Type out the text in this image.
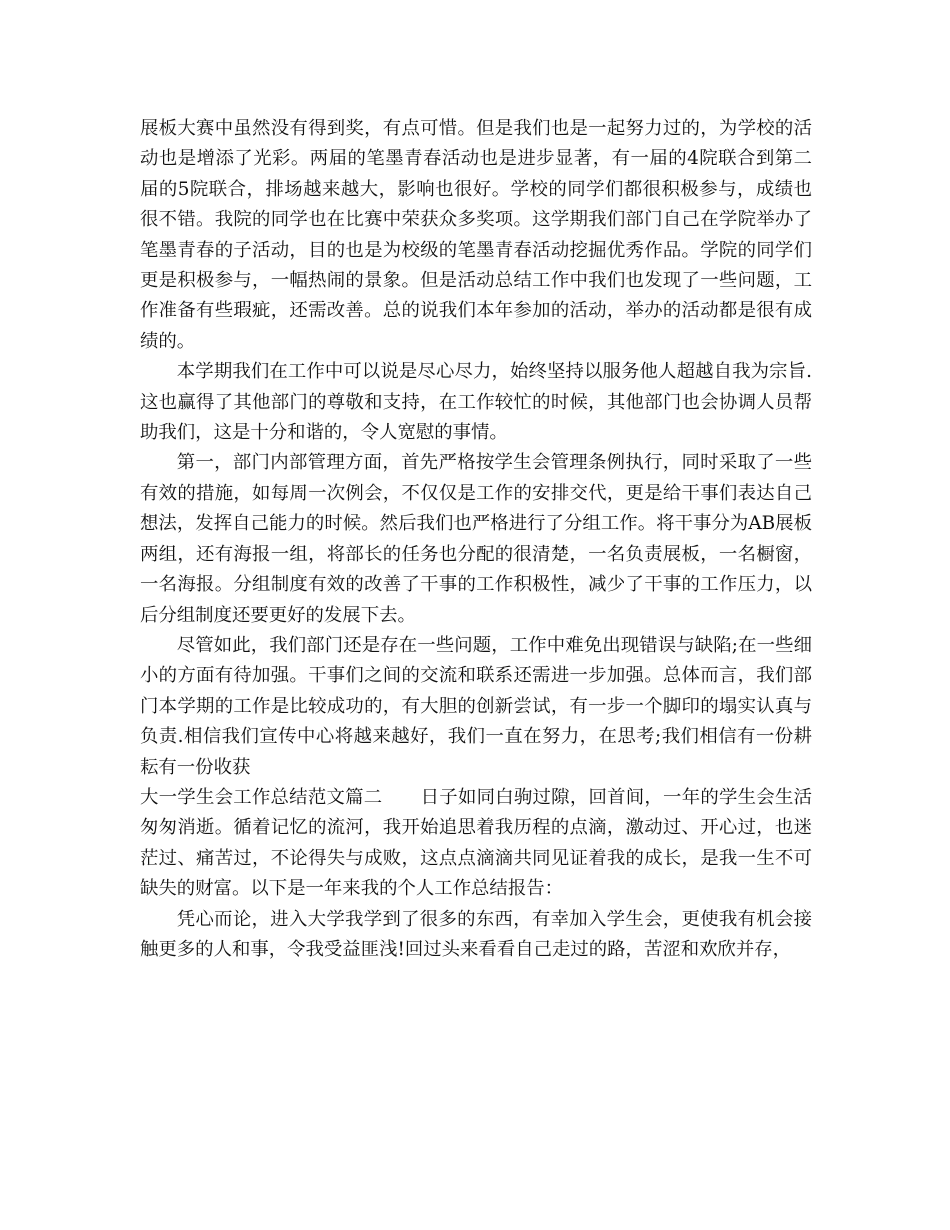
展板大赛中虽然没有得到奖，有点可惜。但是我们也是一起努力过的，为学校的活动也是增添了光彩。两届的笔墨青春活动也是进步显著，有一届的4院联合到第二届的5院联合，排场越来越大，影响也很好。学校的同学们都很积极参与，成绩也很不错。我院的同学也在比赛中荣获众多奖项。这学期我们部门自己在学院举办了笔墨青春的子活动，目的也是为校级的笔墨青春活动挖掘优秀作品。学院的同学们更是积极参与，一幅热闹的景象。但是活动总结工作中我们也发现了一些问题，工作准备有些瑕疵，还需改善。总的说我们本年参加的活动，举办的活动都是很有成绩的。

本学期我们在工作中可以说是尽心尽力，始终坚持以服务他人超越自我为宗旨.这也赢得了其他部门的尊敬和支持，在工作较忙的时候，其他部门也会协调人员帮助我们，这是十分和谐的，令人宽慰的事情。

第一，部门内部管理方面，首先严格按学生会管理条例执行，同时采取了一些有效的措施，如每周一次例会，不仅仅是工作的安排交代，更是给干事们表达自己想法，发挥自己能力的时候。然后我们也严格进行了分组工作。将干事分为AB展板两组，还有海报一组，将部长的任务也分配的很清楚，一名负责展板，一名橱窗，一名海报。分组制度有效的改善了干事的工作积极性，减少了干事的工作压力，以后分组制度还要更好的发展下去。

尽管如此，我们部门还是存在一些问题，工作中难免出现错误与缺陷;在一些细小的方面有待加强。干事们之间的交流和联系还需进一步加强。总体而言，我们部门本学期的工作是比较成功的，有大胆的创新尝试，有一步一个脚印的塌实认真与负责.相信我们宣传中心将越来越好，我们一直在努力，在思考;我们相信有一份耕耘有一份收获

大一学生会工作总结范文篇二 日子如同白驹过隙，回首间，一年的学生会生活匆匆消逝。循着记忆的流河，我开始追思着我历程的点滴，激动过、开心过，也迷茫过、痛苦过，不论得失与成败，这点点滴滴共同见证着我的成长，是我一生不可缺失的财富。以下是一年来我的个人工作总结报告：

凭心而论，进入大学我学到了很多的东西，有幸加入学生会，更使我有机会接触更多的人和事，令我受益匪浅!回过头来看看自己走过的路，苦涩和欢欣并存，
